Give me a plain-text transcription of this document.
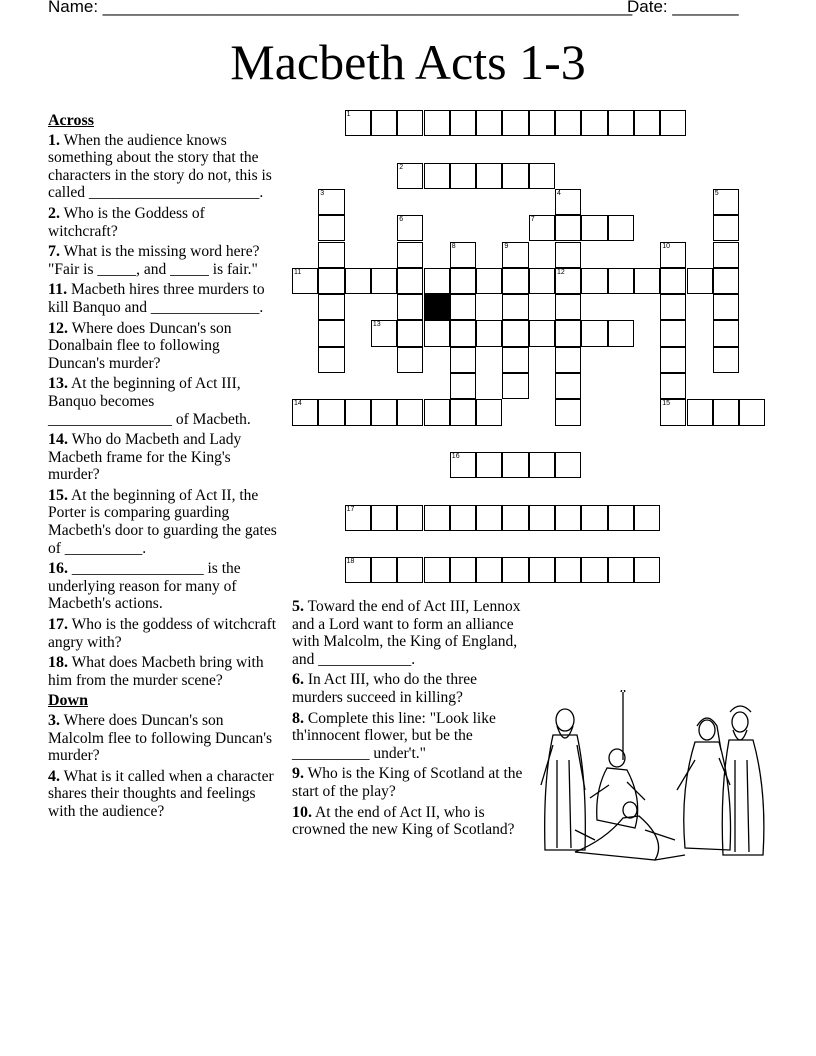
Name: ________________________________________________________
Date: _______
Macbeth Acts 1-3
Across
1. When the audience knows something about the story that the characters in the story do not, this is called ______________________.
2. Who is the Goddess of witchcraft?
7. What is the missing word here? "Fair is _____, and _____ is fair."
11. Macbeth hires three murders to kill Banquo and ______________.
12. Where does Duncan's son Donalbain flee to following Duncan's murder?
13. At the beginning of Act III, Banquo becomes ________________ of Macbeth.
14. Who do Macbeth and Lady Macbeth frame for the King's murder?
15. At the beginning of Act II, the Porter is comparing guarding Macbeth's door to guarding the gates of __________.
16. _________________ is the underlying reason for many of Macbeth's actions.
17. Who is the goddess of witchcraft angry with?
18. What does Macbeth bring with him from the murder scene?
Down
3. Where does Duncan's son Malcolm flee to following Duncan's murder?
4. What is it called when a character shares their thoughts and feelings with the audience?
5. Toward the end of Act III, Lennox and a Lord want to form an alliance with Malcolm, the King of England, and ____________.
6. In Act III, who do the three murders succeed in killing?
8. Complete this line: "Look like th'innocent flower, but be the __________ under't."
9. Who is the King of Scotland at the start of the play?
10. At the end of Act II, who is crowned the new King of Scotland?
1
2
7
11	12
13
14	15
16
17
18
3	4	5
6
8	9	10
